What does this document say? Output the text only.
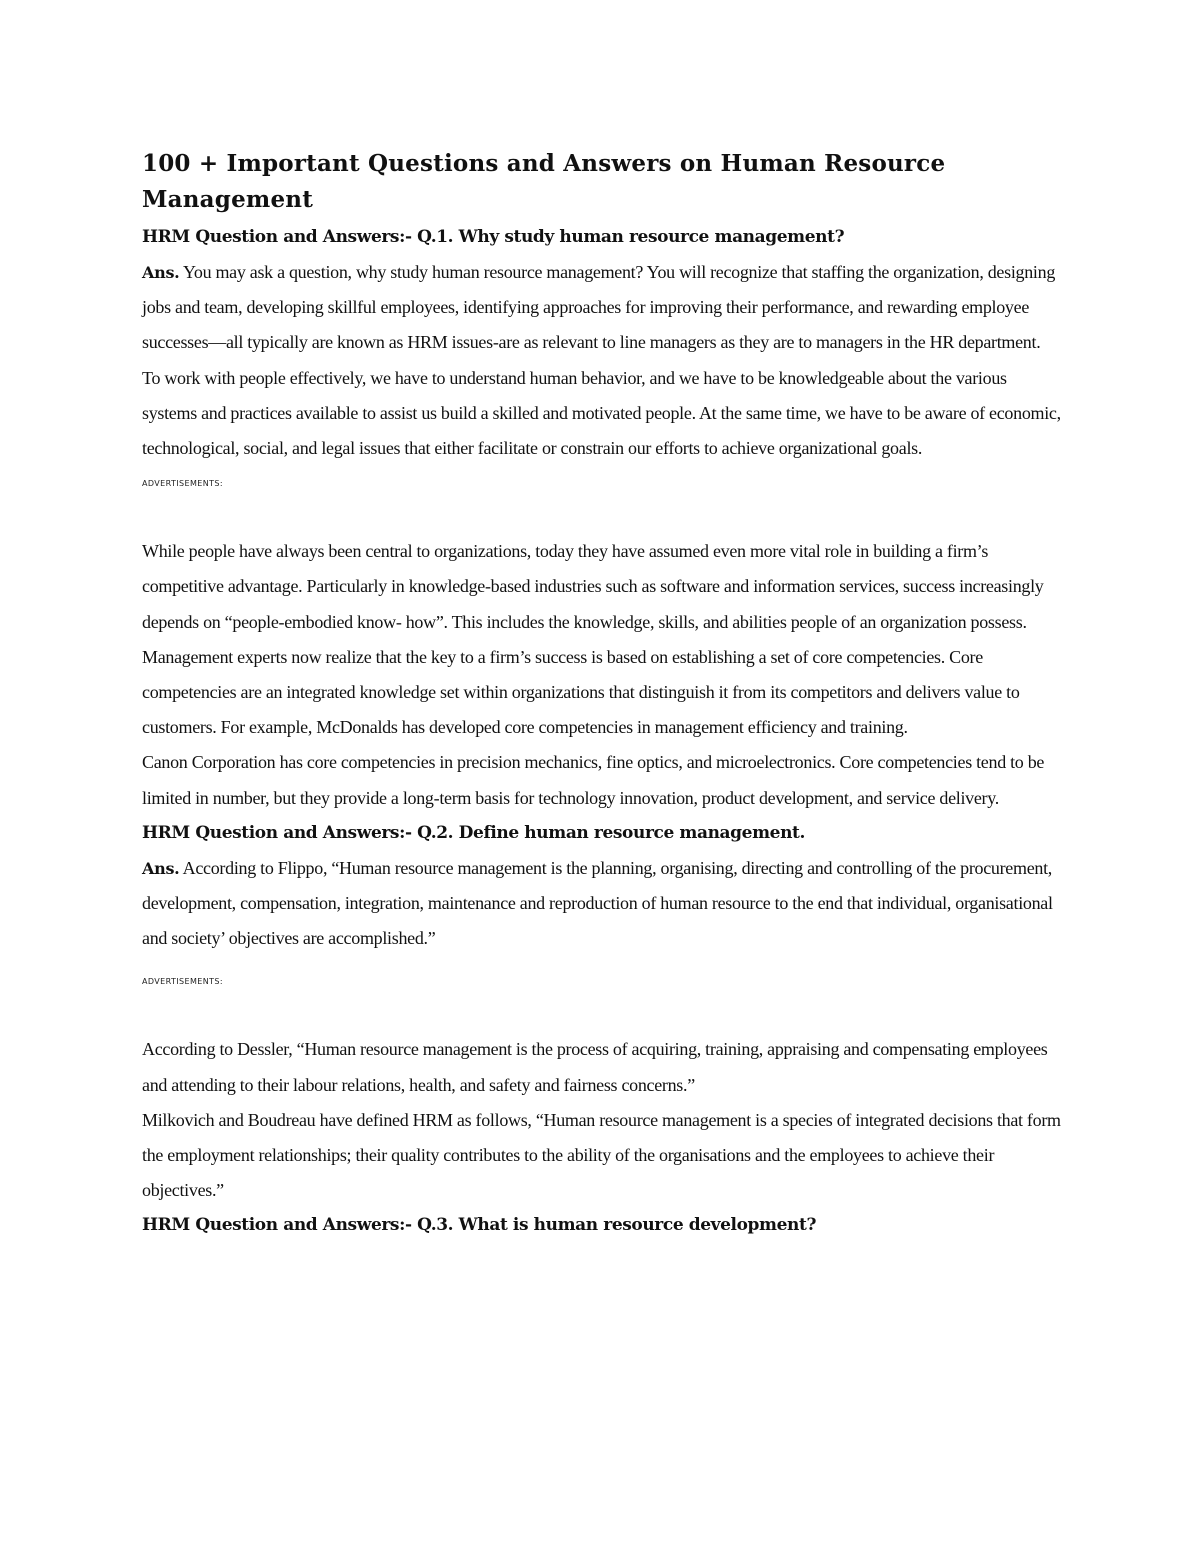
100 + Important Questions and Answers on Human Resource Management

HRM Question and Answers:- Q.1. Why study human resource management?

Ans. You may ask a question, why study human resource management? You will recognize that staffing the organization, designing jobs and team, developing skillful employees, identifying approaches for improving their performance, and rewarding employee successes—all typically are known as HRM issues-are as relevant to line managers as they are to managers in the HR department.

To work with people effectively, we have to understand human behavior, and we have to be knowledgeable about the various systems and practices available to assist us build a skilled and motivated people. At the same time, we have to be aware of economic, technological, social, and legal issues that either facilitate or constrain our efforts to achieve organizational goals.

ADVERTISEMENTS:

While people have always been central to organizations, today they have assumed even more vital role in building a firm’s competitive advantage. Particularly in knowledge-based industries such as software and information services, success increasingly depends on “people-embodied know- how”. This includes the knowledge, skills, and abilities people of an organization possess.

Management experts now realize that the key to a firm’s success is based on establishing a set of core competencies. Core competencies are an integrated knowledge set within organizations that distinguish it from its competitors and delivers value to customers. For example, McDonalds has developed core competencies in management efficiency and training.

Canon Corporation has core competencies in precision mechanics, fine optics, and microelectronics. Core competencies tend to be limited in number, but they provide a long-term basis for technology innovation, product development, and service delivery.

HRM Question and Answers:- Q.2. Define human resource management.

Ans. According to Flippo, “Human resource management is the planning, organising, directing and controlling of the procurement, development, compensation, integration, maintenance and reproduction of human resource to the end that individual, organisational and society’ objectives are accomplished.”

ADVERTISEMENTS:

According to Dessler, “Human resource management is the process of acquiring, training, appraising and compensating employees and attending to their labour relations, health, and safety and fairness concerns.”

Milkovich and Boudreau have defined HRM as follows, “Human resource management is a species of integrated decisions that form the employment relationships; their quality contributes to the ability of the organisations and the employees to achieve their objectives.”

HRM Question and Answers:- Q.3. What is human resource development?
